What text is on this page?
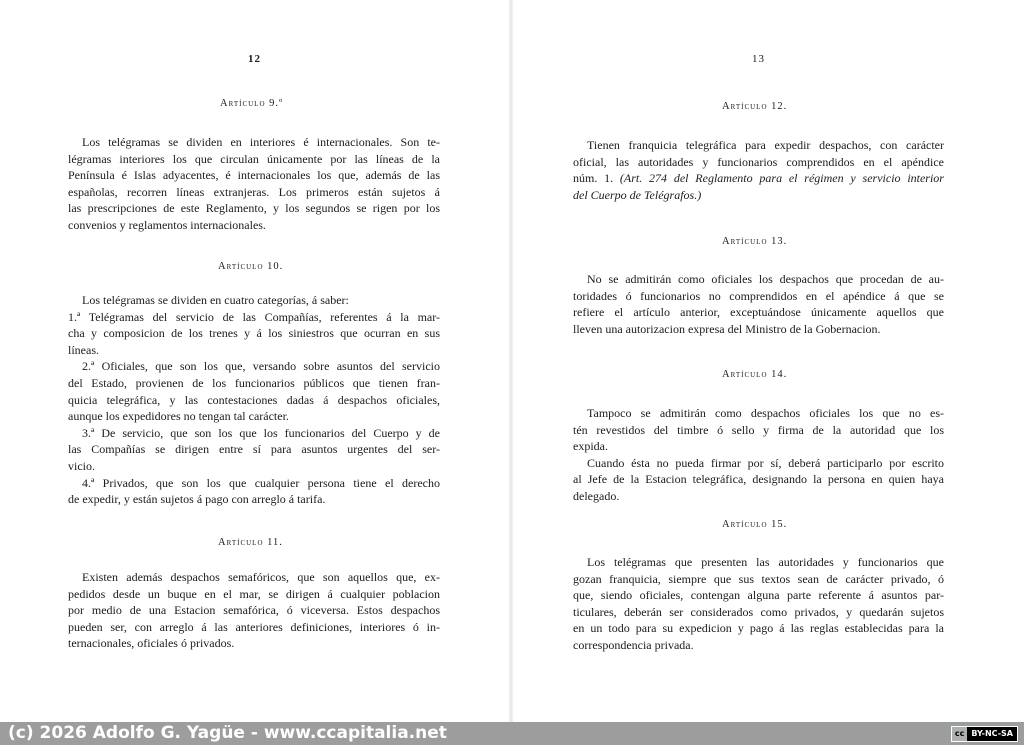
12
Artículo 9.º
Los telégramas se dividen en interiores é internacionales. Son te-
légramas interiores los que circulan únicamente por las líneas de la
Península é Islas adyacentes, é internacionales los que, además de las
españolas, recorren líneas extranjeras. Los primeros están sujetos á
las prescripciones de este Reglamento, y los segundos se rigen por los
convenios y reglamentos internacionales.
Artículo 10.
Los telégramas se dividen en cuatro categorías, á saber:
1.ª Telégramas del servicio de las Compañías, referentes á la mar-
cha y composicion de los trenes y á los siniestros que ocurran en sus
líneas.
2.ª Oficiales, que son los que, versando sobre asuntos del servicio
del Estado, provienen de los funcionarios públicos que tienen fran-
quicia telegráfica, y las contestaciones dadas á despachos oficiales,
aunque los expedidores no tengan tal carácter.
3.ª De servicio, que son los que los funcionarios del Cuerpo y de
las Compañías se dirigen entre sí para asuntos urgentes del ser-
vicio.
4.ª Privados, que son los que cualquier persona tiene el derecho
de expedir, y están sujetos á pago con arreglo á tarifa.
Artículo 11.
Existen además despachos semafóricos, que son aquellos que, ex-
pedidos desde un buque en el mar, se dirigen á cualquier poblacion
por medio de una Estacion semafórica, ó viceversa. Estos despachos
pueden ser, con arreglo á las anteriores definiciones, interiores ó in-
ternacionales, oficiales ó privados.
13
Artículo 12.
Tienen franquicia telegráfica para expedir despachos, con carácter
oficial, las autoridades y funcionarios comprendidos en el apéndice
núm. 1. (Art. 274 del Reglamento para el régimen y servicio interior
del Cuerpo de Telégrafos.)
Artículo 13.
No se admitirán como oficiales los despachos que procedan de au-
toridades ó funcionarios no comprendidos en el apéndice á que se
refiere el artículo anterior, exceptuándose únicamente aquellos que
lleven una autorizacion expresa del Ministro de la Gobernacion.
Artículo 14.
Tampoco se admitirán como despachos oficiales los que no es-
tén revestidos del timbre ó sello y firma de la autoridad que los
expida.
Cuando ésta no pueda firmar por sí, deberá participarlo por escrito
al Jefe de la Estacion telegráfica, designando la persona en quien haya
delegado.
Artículo 15.
Los telégramas que presenten las autoridades y funcionarios que
gozan franquicia, siempre que sus textos sean de carácter privado, ó
que, siendo oficiales, contengan alguna parte referente á asuntos par-
ticulares, deberán ser considerados como privados, y quedarán sujetos
en un todo para su expedicion y pago á las reglas establecidas para la
correspondencia privada.
(c) 2026 Adolfo G. Yagüe - www.ccapitalia.net	cc BY-NC-SA
